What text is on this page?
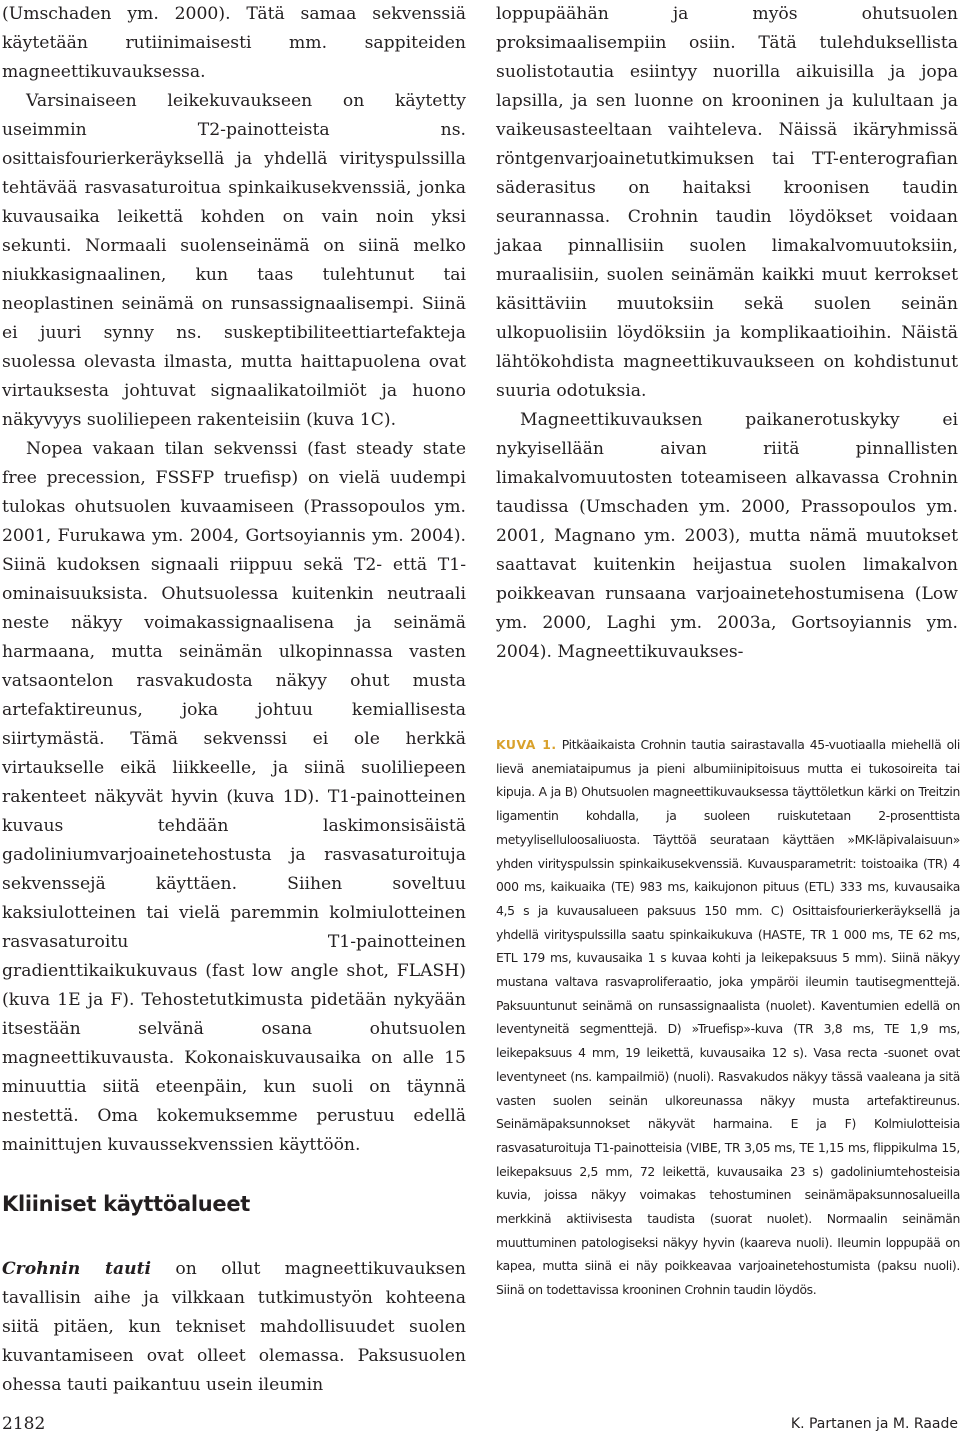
(Umschaden ym. 2000). Tätä samaa sekvenssiä käytetään rutiinimaisesti mm. sappiteiden magneettikuvauksessa.

Varsinaiseen leikekuvaukseen on käytetty useimmin T2-painotteista ns. osittaisfourierkeräyksellä ja yhdellä virityspulssilla tehtävää rasvasaturoitua spinkaikusekvenssiä, jonka kuvausaika leikettä kohden on vain noin yksi sekunti. Normaali suolenseinämä on siinä melko niukkasignaalinen, kun taas tulehtunut tai neoplastinen seinämä on runsassignaalisempi. Siinä ei juuri synny ns. suskeptibiliteettiartefakteja suolessa olevasta ilmasta, mutta haittapuolena ovat virtauksesta johtuvat signaalikatoilmiöt ja huono näkyvyys suoliliepeen rakenteisiin (kuva 1C).

Nopea vakaan tilan sekvenssi (fast steady state free precession, FSSFP truefisp) on vielä uudempi tulokas ohutsuolen kuvaamiseen (Prassopoulos ym. 2001, Furukawa ym. 2004, Gortsoyiannis ym. 2004). Siinä kudoksen signaali riippuu sekä T2- että T1-ominaisuuksista. Ohutsuolessa kuitenkin neutraali neste näkyy voimakassignaalisena ja seinämä harmaana, mutta seinämän ulkopinnassa vasten vatsaontelon rasvakudosta näkyy ohut musta artefaktireunus, joka johtuu kemiallisesta siirtymästä. Tämä sekvenssi ei ole herkkä virtaukselle eikä liikkeelle, ja siinä suoliliepeen rakenteet näkyvät hyvin (kuva 1D). T1-painotteinen kuvaus tehdään laskimonsisäistä gadoliniumvarjoainetehostusta ja rasvasaturoituja sekvenssejä käyttäen. Siihen soveltuu kaksiulotteinen tai vielä paremmin kolmiulotteinen rasvasaturoitu T1-painotteinen gradienttikaikukuvaus (fast low angle shot, FLASH) (kuva 1E ja F). Tehostetutkimusta pidetään nykyään itsestään selvänä osana ohutsuolen magneettikuvausta. Kokonaiskuvausaika on alle 15 minuuttia siitä eteenpäin, kun suoli on täynnä nestettä. Oma kokemuksemme perustuu edellä mainittujen kuvaussekvenssien käyttöön.

Kliiniset käyttöalueet

Crohnin tauti on ollut magneettikuvauksen tavallisin aihe ja vilkkaan tutkimustyön kohteena siitä pitäen, kun tekniset mahdollisuudet suolen kuvantamiseen ovat olleet olemassa. Paksusuolen ohessa tauti paikantuu usein ileumin

loppupäähän ja myös ohutsuolen proksimaalisempiin osiin. Tätä tulehduksellista suolistotautia esiintyy nuorilla aikuisilla ja jopa lapsilla, ja sen luonne on krooninen ja kulultaan ja vaikeusasteeltaan vaihteleva. Näissä ikäryhmissä röntgenvarjoainetutkimuksen tai TT-enterografian säderasitus on haitaksi kroonisen taudin seurannassa. Crohnin taudin löydökset voidaan jakaa pinnallisiin suolen limakalvomuutoksiin, muraalisiin, suolen seinämän kaikki muut kerrokset käsittäviin muutoksiin sekä suolen seinän ulkopuolisiin löydöksiin ja komplikaatioihin. Näistä lähtökohdista magneettikuvaukseen on kohdistunut suuria odotuksia.

Magneettikuvauksen paikanerotuskyky ei nykyisellään aivan riitä pinnallisten limakalvomuutosten toteamiseen alkavassa Crohnin taudissa (Umschaden ym. 2000, Prassopoulos ym. 2001, Magnano ym. 2003), mutta nämä muutokset saattavat kuitenkin heijastua suolen limakalvon poikkeavan runsaana varjoainetehostumisena (Low ym. 2000, Laghi ym. 2003a, Gortsoyiannis ym. 2004). Magneettikuvaukses-

KUVA 1. Pitkäaikaista Crohnin tautia sairastavalla 45-vuotiaalla miehellä oli lievä anemiataipumus ja pieni albumiinipitoisuus mutta ei tukosoireita tai kipuja. A ja B) Ohutsuolen magneettikuvauksessa täyttöletkun kärki on Treitzin ligamentin kohdalla, ja suoleen ruiskutetaan 2-prosenttista metyyliselluloosaliuosta. Täyttöä seurataan käyttäen »MK-läpivalaisuun» yhden virityspulssin spinkaikusekvenssiä. Kuvausparametrit: toistoaika (TR) 4 000 ms, kaikuaika (TE) 983 ms, kaikujonon pituus (ETL) 333 ms, kuvausaika 4,5 s ja kuvausalueen paksuus 150 mm. C) Osittaisfourierkeräyksellä ja yhdellä virityspulssilla saatu spinkaikukuva (HASTE, TR 1 000 ms, TE 62 ms, ETL 179 ms, kuvausaika 1 s kuvaa kohti ja leikepaksuus 5 mm). Siinä näkyy mustana valtava rasvaproliferaatio, joka ympäröi ileumin tautisegmenttejä. Paksuuntunut seinämä on runsassignaalista (nuolet). Kaventumien edellä on leventyneitä segmenttejä. D) »Truefisp»-kuva (TR 3,8 ms, TE 1,9 ms, leikepaksuus 4 mm, 19 leikettä, kuvausaika 12 s). Vasa recta -suonet ovat leventyneet (ns. kampailmiö) (nuoli). Rasvakudos näkyy tässä vaaleana ja sitä vasten suolen seinän ulkoreunassa näkyy musta artefaktireunus. Seinämäpaksunnokset näkyvät harmaina. E ja F) Kolmiulotteisia rasvasaturoituja T1-painotteisia (VIBE, TR 3,05 ms, TE 1,15 ms, flippikulma 15, leikepaksuus 2,5 mm, 72 leikettä, kuvausaika 23 s) gadoliniumtehosteisia kuvia, joissa näkyy voimakas tehostuminen seinämäpaksunnosalueilla merkkinä aktiivisesta taudista (suorat nuolet). Normaalin seinämän muuttuminen patologiseksi näkyy hyvin (kaareva nuoli). Ileumin loppupää on kapea, mutta siinä ei näy poikkeavaa varjoainetehostumista (paksu nuoli). Siinä on todettavissa krooninen Crohnin taudin löydös.
2182	K. Partanen ja M. Raade
